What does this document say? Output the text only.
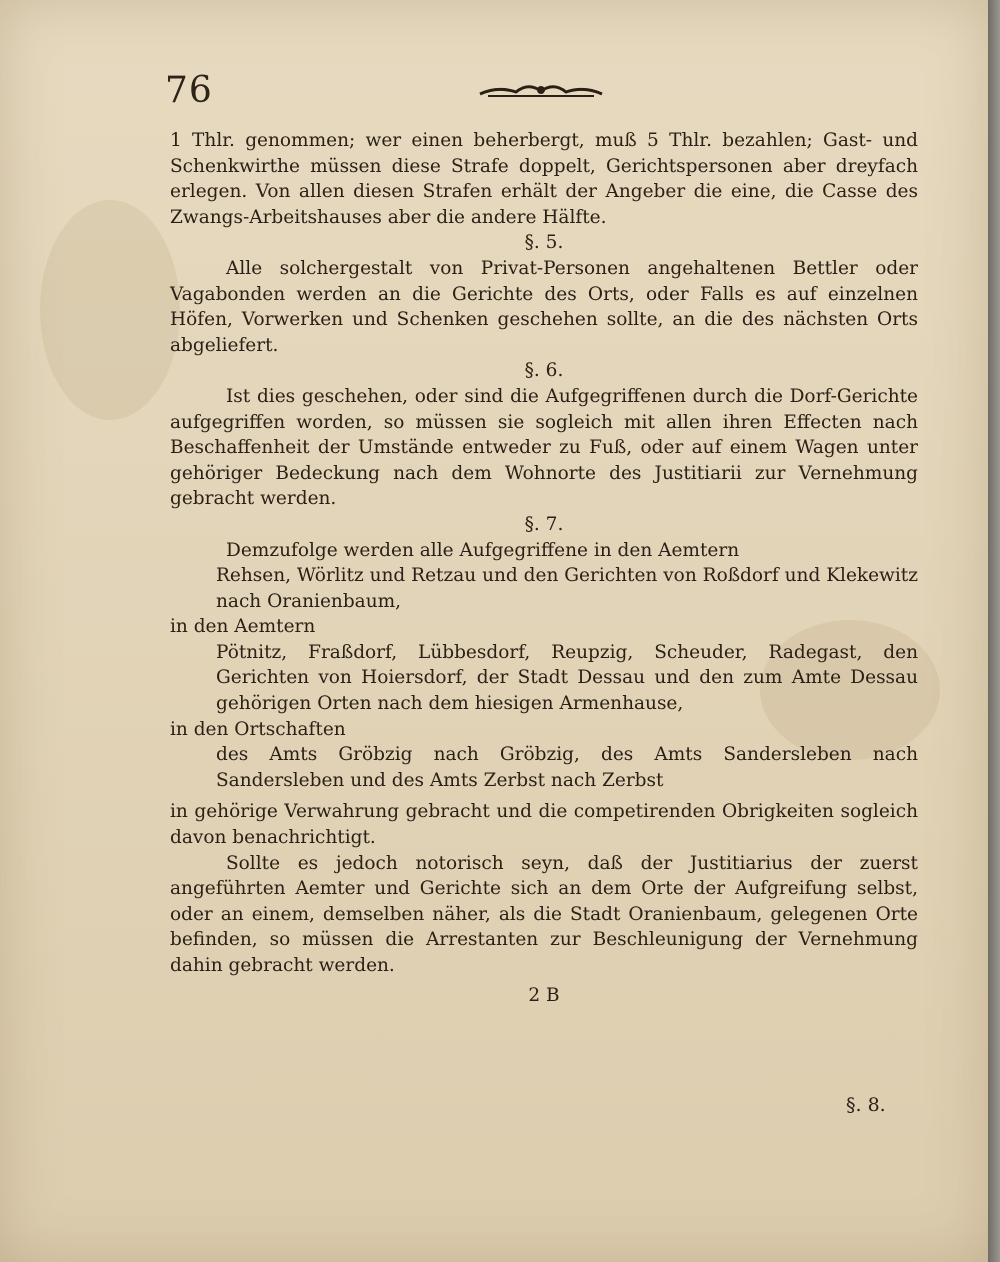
76

1 Thlr. genommen; wer einen beherbergt, muß 5 Thlr. bezahlen; Gast- und Schenkwirthe müssen diese Strafe doppelt, Gerichtspersonen aber dreyfach erlegen. Von allen diesen Strafen erhält der Angeber die eine, die Casse des Zwangs-Arbeitshauses aber die andere Hälfte.

§. 5.

Alle solchergestalt von Privat-Personen angehaltenen Bettler oder Vagabonden werden an die Gerichte des Orts, oder Falls es auf einzelnen Höfen, Vorwerken und Schenken geschehen sollte, an die des nächsten Orts abgeliefert.

§. 6.

Ist dies geschehen, oder sind die Aufgegriffenen durch die Dorf-Gerichte aufgegriffen worden, so müssen sie sogleich mit allen ihren Effecten nach Beschaffenheit der Umstände entweder zu Fuß, oder auf einem Wagen unter gehöriger Bedeckung nach dem Wohnorte des Justitiarii zur Vernehmung gebracht werden.

§. 7.

Demzufolge werden alle Aufgegriffene in den Aemtern

Rehsen, Wörlitz und Retzau und den Gerichten von Roßdorf und Klekewitz nach Oranienbaum,

in den Aemtern

Pötnitz, Fraßdorf, Lübbesdorf, Reupzig, Scheuder, Radegast, den Gerichten von Hoiersdorf, der Stadt Dessau und den zum Amte Dessau gehörigen Orten nach dem hiesigen Armenhause,

in den Ortschaften

des Amts Gröbzig nach Gröbzig, des Amts Sandersleben nach Sandersleben und des Amts Zerbst nach Zerbst

in gehörige Verwahrung gebracht und die competirenden Obrigkeiten sogleich davon benachrichtigt.

Sollte es jedoch notorisch seyn, daß der Justitiarius der zuerst angeführten Aemter und Gerichte sich an dem Orte der Aufgreifung selbst, oder an einem, demselben näher, als die Stadt Oranienbaum, gelegenen Orte befinden, so müssen die Arrestanten zur Beschleunigung der Vernehmung dahin gebracht werden.

2 B

§. 8.
